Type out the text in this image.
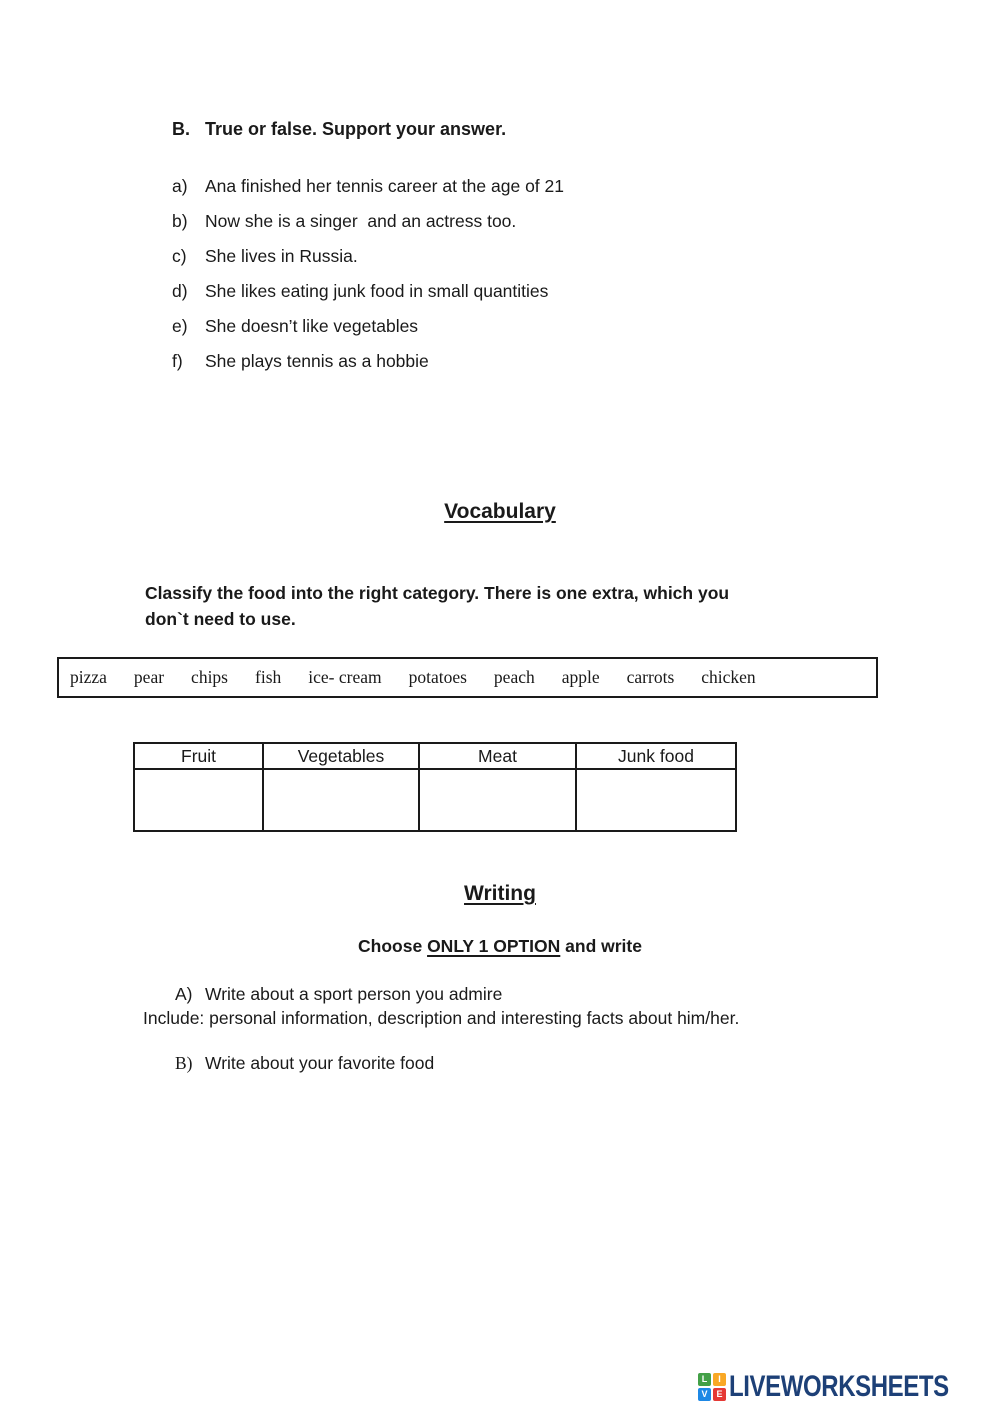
B. True or false. Support your answer.
a) Ana finished her tennis career at the age of 21
b) Now she is a singer  and an actress too.
c)	She lives in Russia.
d) She likes eating junk food in small quantities
e) She doesn’t like vegetables
f)	She plays tennis as a hobbie
Vocabulary
Classify the food into the right category. There is one extra, which you
don`t need to use.
pizza pear chips fish ice- cream potatoes peach apple carrots chicken
Fruit	Vegetables	Meat	Junk food

Writing
Choose ONLY 1 OPTION and write
A) Write about a sport person you admire
Include: personal information, description and interesting facts about him/her.
B) Write about your favorite food
L	I
V E LIVEWORKSHEETS
